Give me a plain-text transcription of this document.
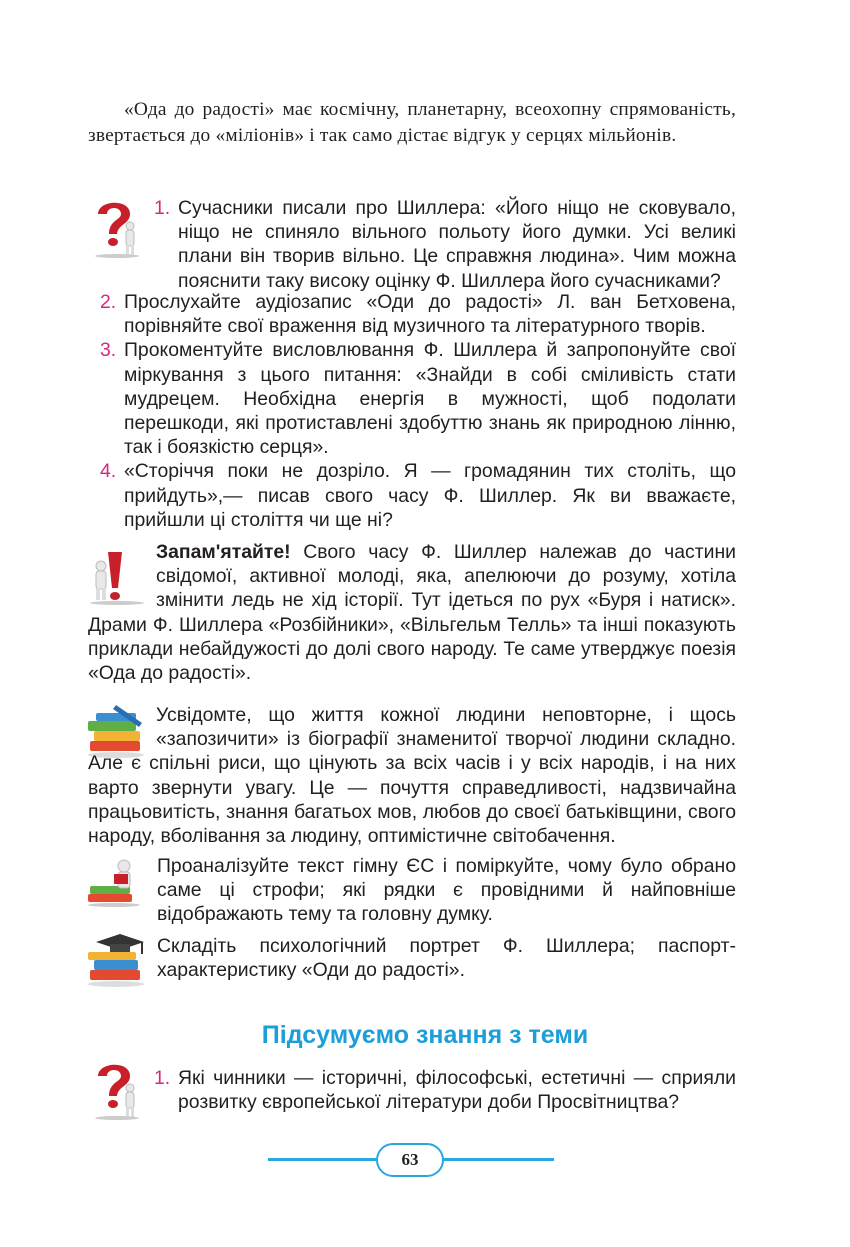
«Ода до радості» має космічну, планетарну, всеохопну спрямованість, звертається до «міліонів» і так само дістає відгук у серцях мільйонів.

1. Сучасники писали про Шиллера: «Його ніщо не сковувало, ніщо не спиняло вільного польоту його думки. Усі великі плани він творив вільно. Це справжня людина». Чим можна пояснити таку високу оцінку Ф. Шиллера його сучасниками?
2. Прослухайте аудіозапис «Оди до радості» Л. ван Бетховена, порівняйте свої враження від музичного та літературного творів.
3. Прокоментуйте висловлювання Ф. Шиллера й запропонуйте свої міркування з цього питання: «Знайди в собі сміливість стати мудрецем. Необхідна енергія в мужності, щоб подолати перешкоди, які протиставлені здобуттю знань як природною лінню, так і боязкістю серця».
4. «Сторіччя поки не дозріло. Я — громадянин тих століть, що прийдуть»,— писав свого часу Ф. Шиллер. Як ви вважаєте, прийшли ці століття чи ще ні?

Запам'ятайте! Свого часу Ф. Шиллер належав до частини свідомої, активної молоді, яка, апелюючи до розуму, хотіла змінити ледь не хід історії. Тут ідеться по рух «Буря і натиск». Драми Ф. Шиллера «Розбійники», «Вільгельм Телль» та інші показують приклади небайдужості до долі свого народу. Те саме утверджує поезія «Ода до радості».

Усвідомте, що життя кожної людини неповторне, і щось «запозичити» із біографії знаменитої творчої людини складно. Але є спільні риси, що цінують за всіх часів і у всіх народів, і на них варто звернути увагу. Це — почуття справедливості, надзвичайна працьовитість, знання багатьох мов, любов до своєї батьківщини, свого народу, вболівання за людину, оптимістичне світобачення.

Проаналізуйте текст гімну ЄС і поміркуйте, чому було обрано саме ці строфи; які рядки є провідними й найповніше відображають тему та головну думку.

Складіть психологічний портрет Ф. Шиллера; паспорт-характеристику «Оди до радості».

Підсумуємо знання з теми
1. Які чинники — історичні, філософські, естетичні — сприяли розвитку європейської літератури доби Просвітництва?
63
